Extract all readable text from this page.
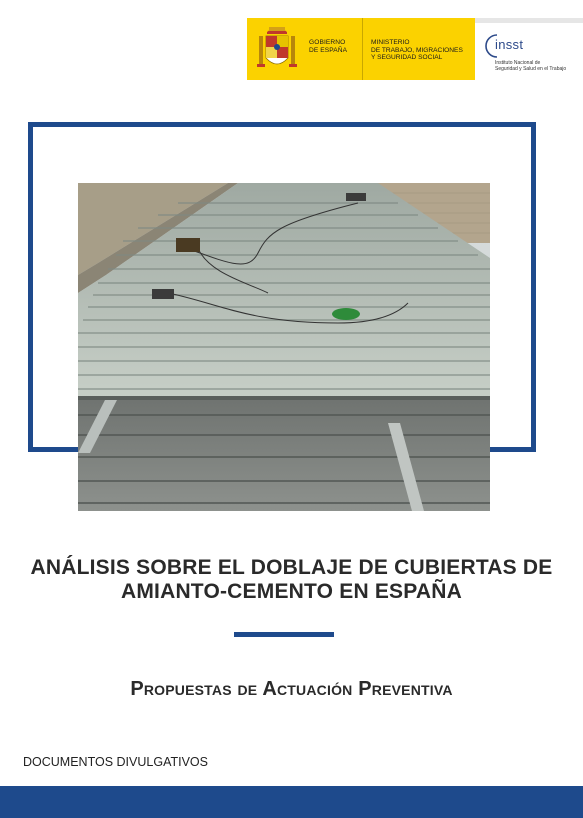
GOBIERNO
DE ESPAÑA
MINISTERIO
DE TRABAJO, MIGRACIONES
Y SEGURIDAD SOCIAL
insst
Instituto Nacional de
Seguridad y Salud en el Trabajo
ANÁLISIS SOBRE EL DOBLAJE DE CUBIERTAS DE
AMIANTO-CEMENTO EN ESPAÑA
Propuestas de Actuación Preventiva
DOCUMENTOS DIVULGATIVOS
